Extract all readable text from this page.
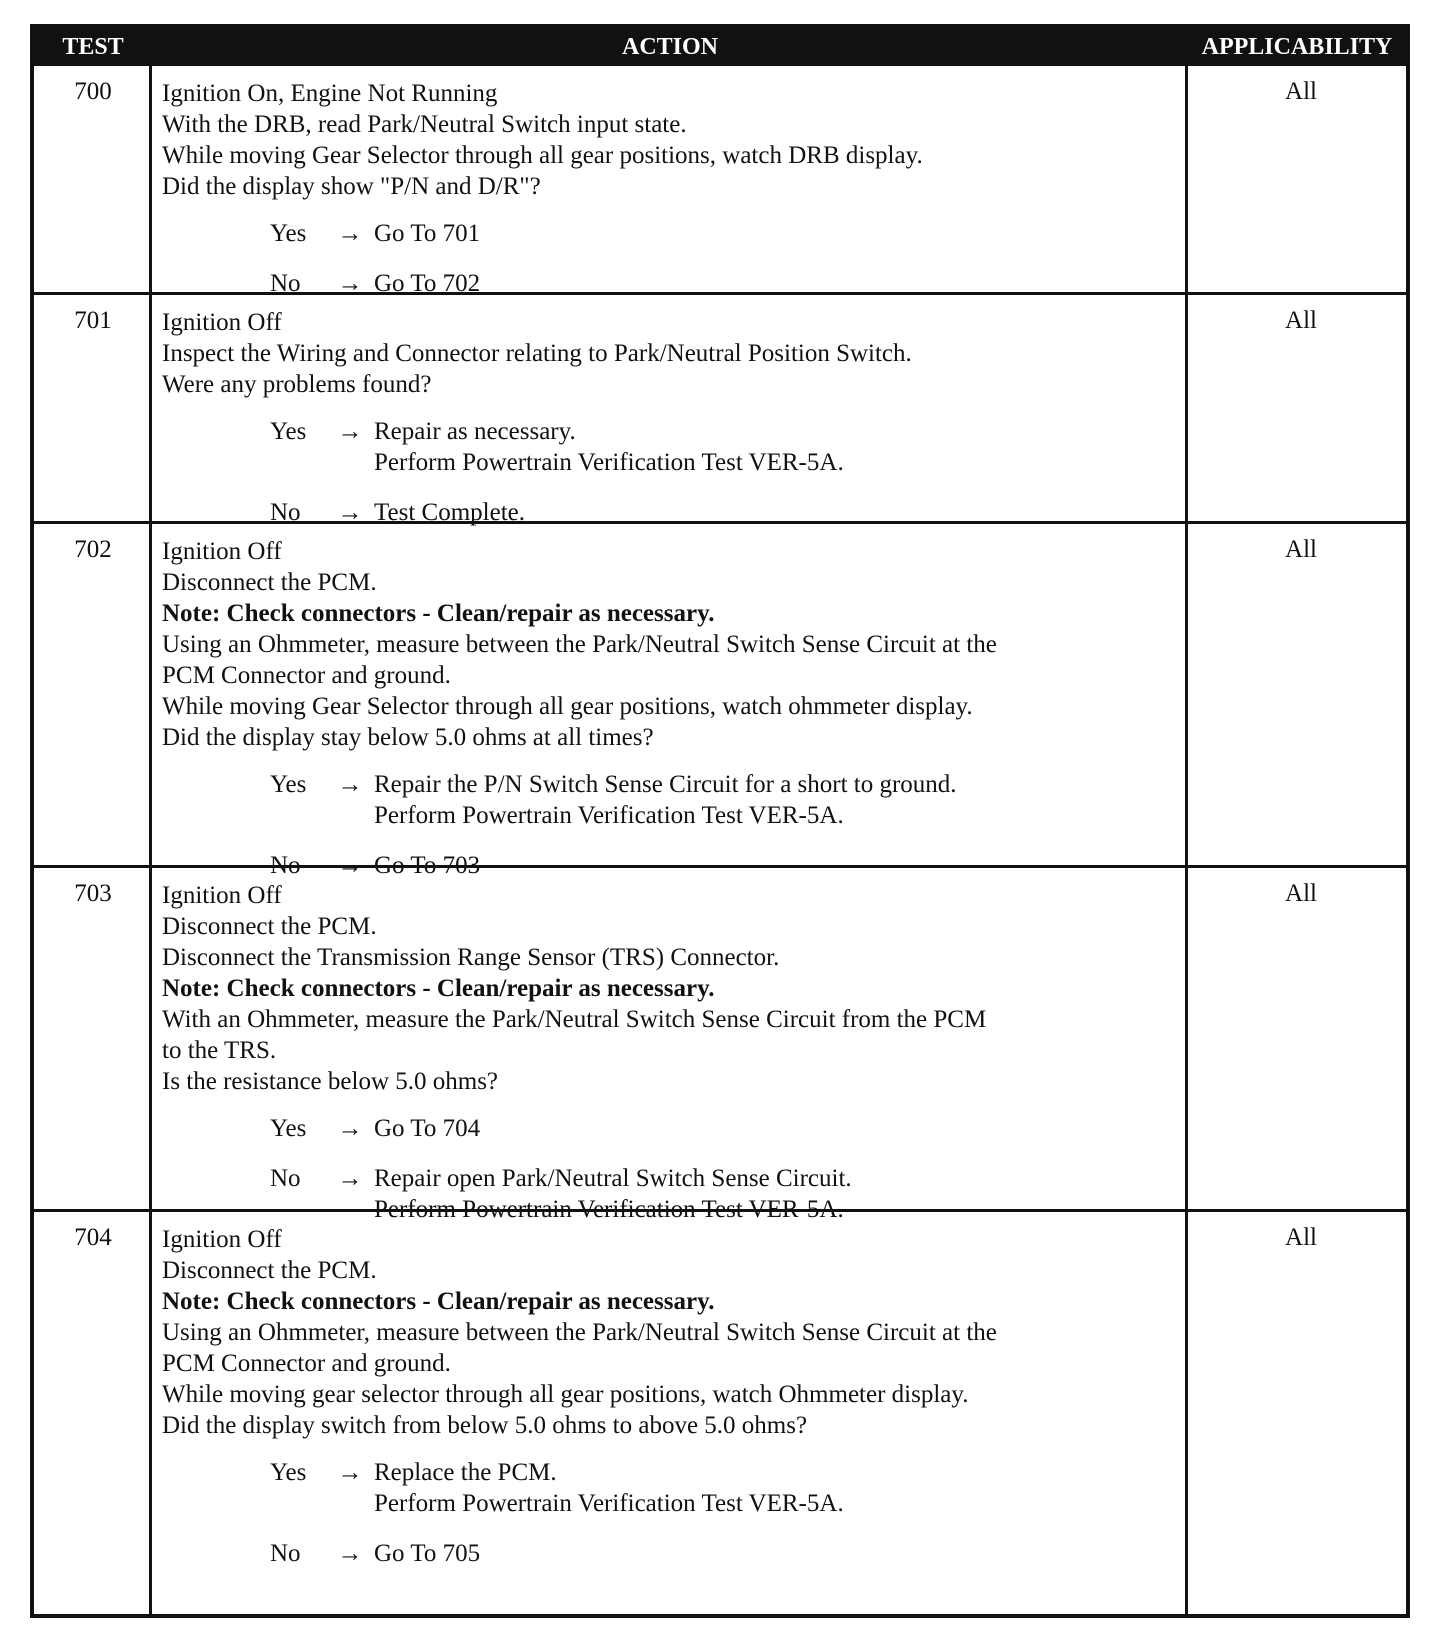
TEST	ACTION	APPLICABILITY
700	Ignition On, Engine Not Running

With the DRB, read Park/Neutral Switch input state.

While moving Gear Selector through all gear positions, watch DRB display.

Did the display show "P/N and D/R"?

Yes	→ Go To 701

No	→ Go To 702

All
701	Ignition Off

Inspect the Wiring and Connector relating to Park/Neutral Position Switch.

Were any problems found?

Yes	→ Repair as necessary.

Perform Powertrain Verification Test VER-5A.

No	→ Test Complete.

All
702	Ignition Off

Disconnect the PCM.

Note: Check connectors - Clean/repair as necessary.

Using an Ohmmeter, measure between the Park/Neutral Switch Sense Circuit at the

PCM Connector and ground.

While moving Gear Selector through all gear positions, watch ohmmeter display.

Did the display stay below 5.0 ohms at all times?

Yes	→ Repair the P/N Switch Sense Circuit for a short to ground.

Perform Powertrain Verification Test VER-5A.

No	→ Go To 703

All
703	Ignition Off

Disconnect the PCM.

Disconnect the Transmission Range Sensor (TRS) Connector.

Note: Check connectors - Clean/repair as necessary.

With an Ohmmeter, measure the Park/Neutral Switch Sense Circuit from the PCM

to the TRS.

Is the resistance below 5.0 ohms?

Yes	→ Go To 704

No	→ Repair open Park/Neutral Switch Sense Circuit.

Perform Powertrain Verification Test VER-5A.

All
704	Ignition Off

Disconnect the PCM.

Note: Check connectors - Clean/repair as necessary.

Using an Ohmmeter, measure between the Park/Neutral Switch Sense Circuit at the

PCM Connector and ground.

While moving gear selector through all gear positions, watch Ohmmeter display.

Did the display switch from below 5.0 ohms to above 5.0 ohms?

Yes	→ Replace the PCM.

Perform Powertrain Verification Test VER-5A.

No	→ Go To 705

All
